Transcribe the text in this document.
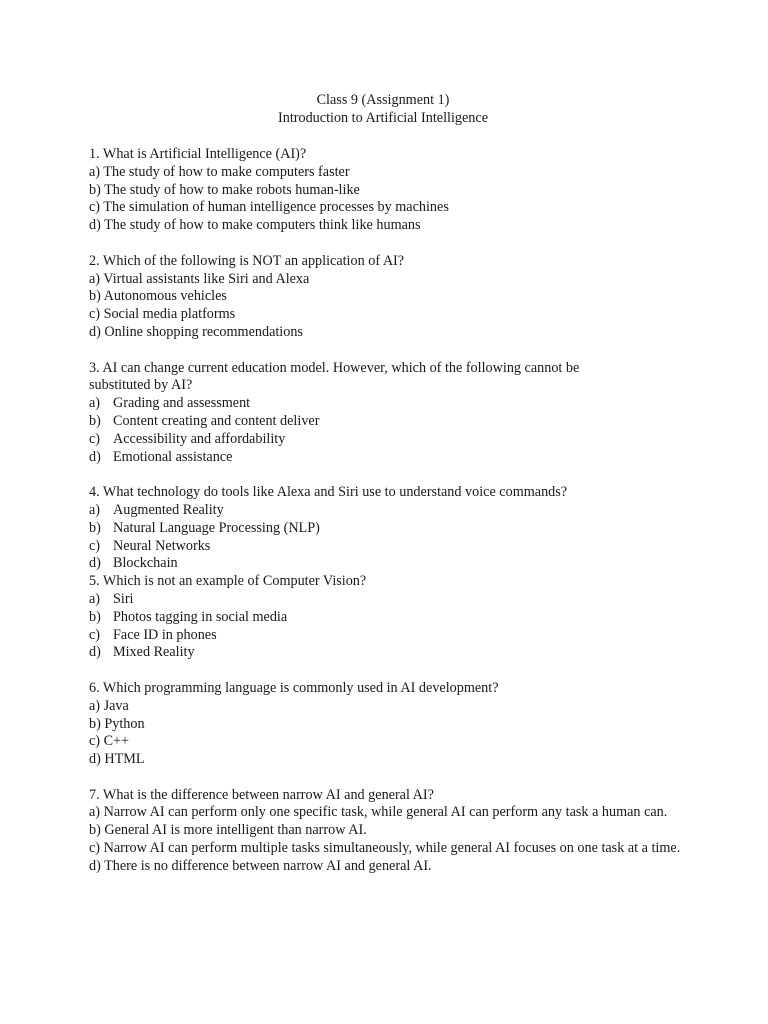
Class 9 (Assignment 1)
Introduction to Artificial Intelligence
1. What is Artificial Intelligence (AI)?
a) The study of how to make computers faster
b) The study of how to make robots human-like
c) The simulation of human intelligence processes by machines
d) The study of how to make computers think like humans
2. Which of the following is NOT an application of AI?
a) Virtual assistants like Siri and Alexa
b) Autonomous vehicles
c) Social media platforms
d) Online shopping recommendations
3. AI can change current education model. However, which of the following cannot be substituted by AI?
a) Grading and assessment
b) Content creating and content deliver
c) Accessibility and affordability
d) Emotional assistance
4. What technology do tools like Alexa and Siri use to understand voice commands?
a) Augmented Reality
b) Natural Language Processing (NLP)
c) Neural Networks
d) Blockchain
5. Which is not an example of Computer Vision?
a) Siri
b) Photos tagging in social media
c) Face ID in phones
d) Mixed Reality
6. Which programming language is commonly used in AI development?
a) Java
b) Python
c) C++
d) HTML
7. What is the difference between narrow AI and general AI?
a) Narrow AI can perform only one specific task, while general AI can perform any task a human can.
b) General AI is more intelligent than narrow AI.
c) Narrow AI can perform multiple tasks simultaneously, while general AI focuses on one task at a time.
d) There is no difference between narrow AI and general AI.
